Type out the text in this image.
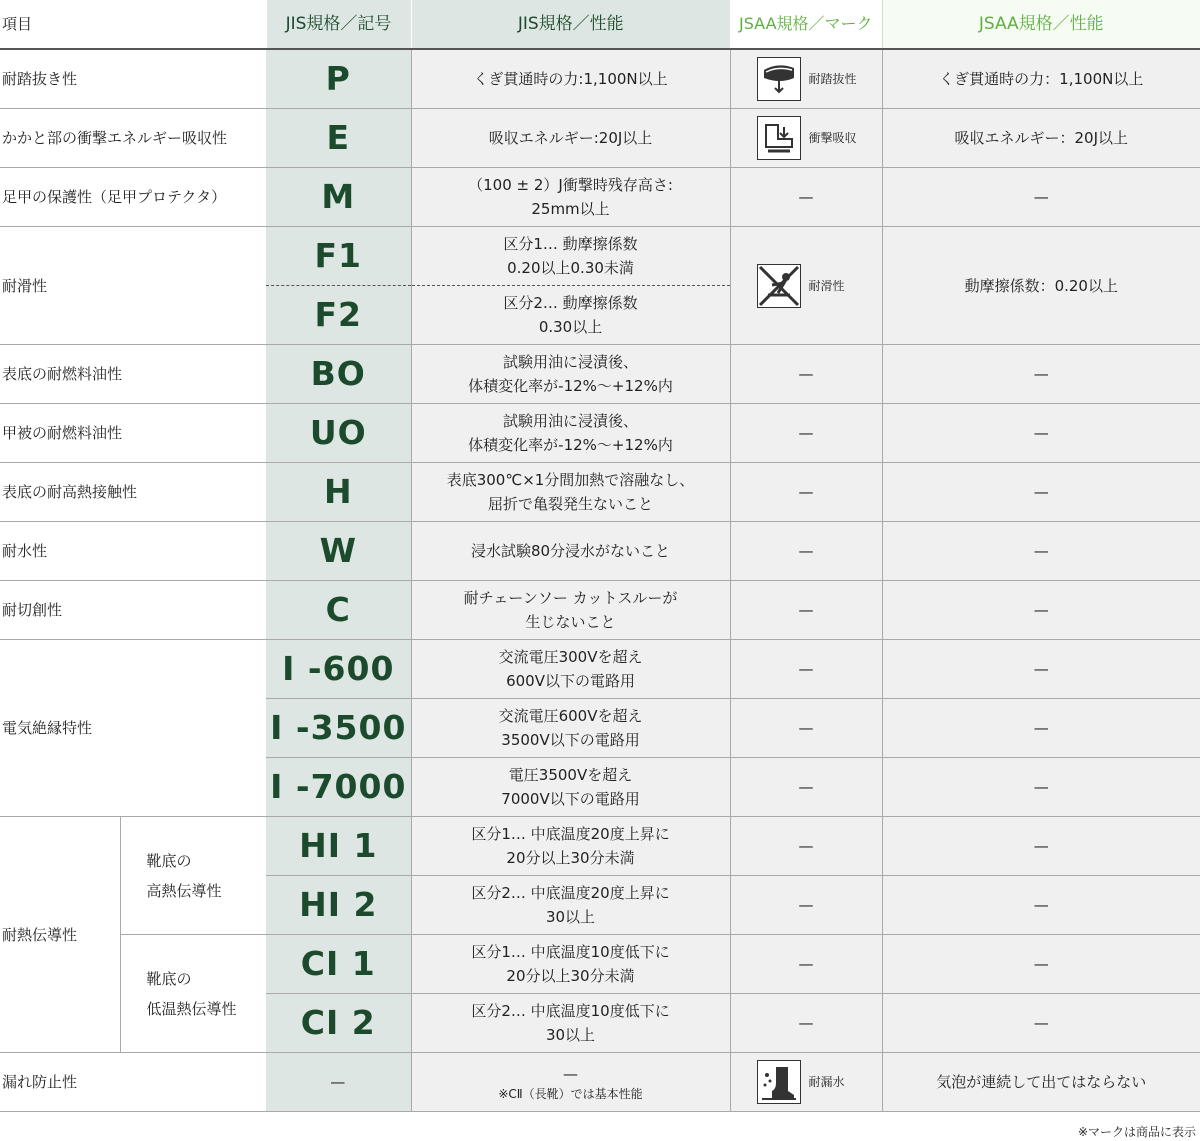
項目		JIS規格／記号	JIS規格／性能	JSAA規格／マーク	JSAA規格／性能
耐踏抜き性		P	くぎ貫通時の力:1,100N以上	耐踏抜性	くぎ貫通時の力：1,100N以上
かかと部の衝撃エネルギー吸収性		E	吸収エネルギー:20J以上	衝撃吸収	吸収エネルギー：20J以上
足甲の保護性（足甲プロテクタ）		M	（100 ± 2）J衝撃時残存高さ:
25mm以上	—	—
耐滑性		F1	区分1… 動摩擦係数
0.20以上0.30未満	耐滑性	動摩擦係数：0.20以上
		F2	区分2… 動摩擦係数
0.30以上		
表底の耐燃料油性		BO	試験用油に浸漬後、
体積変化率が-12%～+12%内	—	—
甲被の耐燃料油性		UO	試験用油に浸漬後、
体積変化率が-12%～+12%内	—	—
表底の耐高熱接触性		H	表底300℃×1分間加熱で溶融なし、
屈折で亀裂発生ないこと	—	—
耐水性		W	浸水試験80分浸水がないこと	—	—
耐切創性		C	耐チェーンソー カットスルーが
生じないこと	—	—
電気絶縁特性		I -600	交流電圧300Vを超え
600V以下の電路用	—	—
		I -3500	交流電圧600Vを超え
3500V以下の電路用	—	—
		I -7000	電圧3500Vを超え
7000V以下の電路用	—	—
耐熱伝導性	靴底の
高熱伝導性	HI 1	区分1… 中底温度20度上昇に
20分以上30分未満	—	—
		HI 2	区分2… 中底温度20度上昇に
30以上	—	—
	靴底の
低温熱伝導性	CI 1	区分1… 中底温度10度低下に
20分以上30分未満	—	—
		CI 2	区分2… 中底温度10度低下に
30以上	—	—
漏れ防止性		—	—
※CⅡ（長靴）では基本性能	耐漏水	気泡が連続して出てはならない
※マークは商品に表示
